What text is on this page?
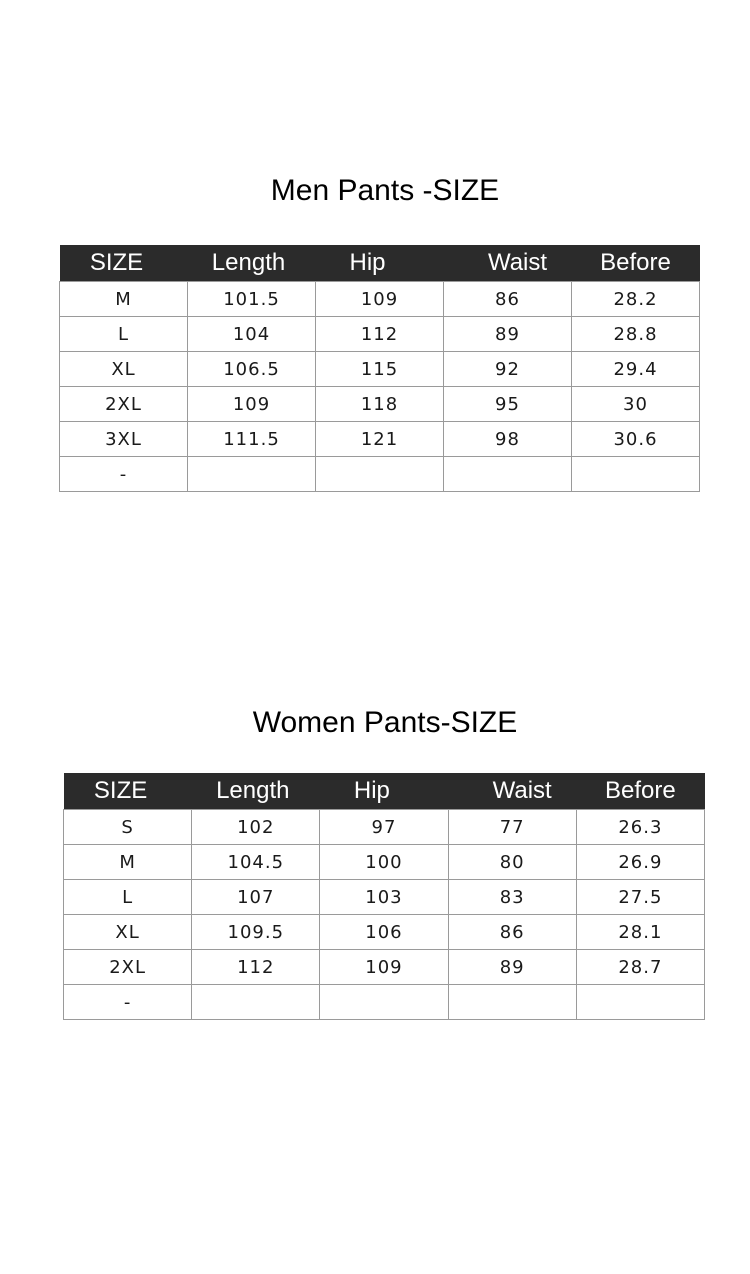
Men Pants -SIZE
SIZE	Length	Hip	Waist	Before
M	101.5	109	86	28.2
L	104	112	89	28.8
XL	106.5	115	92	29.4
2XL	109	118	95	30
3XL	111.5	121	98	30.6
-				
Women Pants-SIZE
SIZE	Length	Hip	Waist	Before
S	102	97	77	26.3
M	104.5	100	80	26.9
L	107	103	83	27.5
XL	109.5	106	86	28.1
2XL	112	109	89	28.7
-				
